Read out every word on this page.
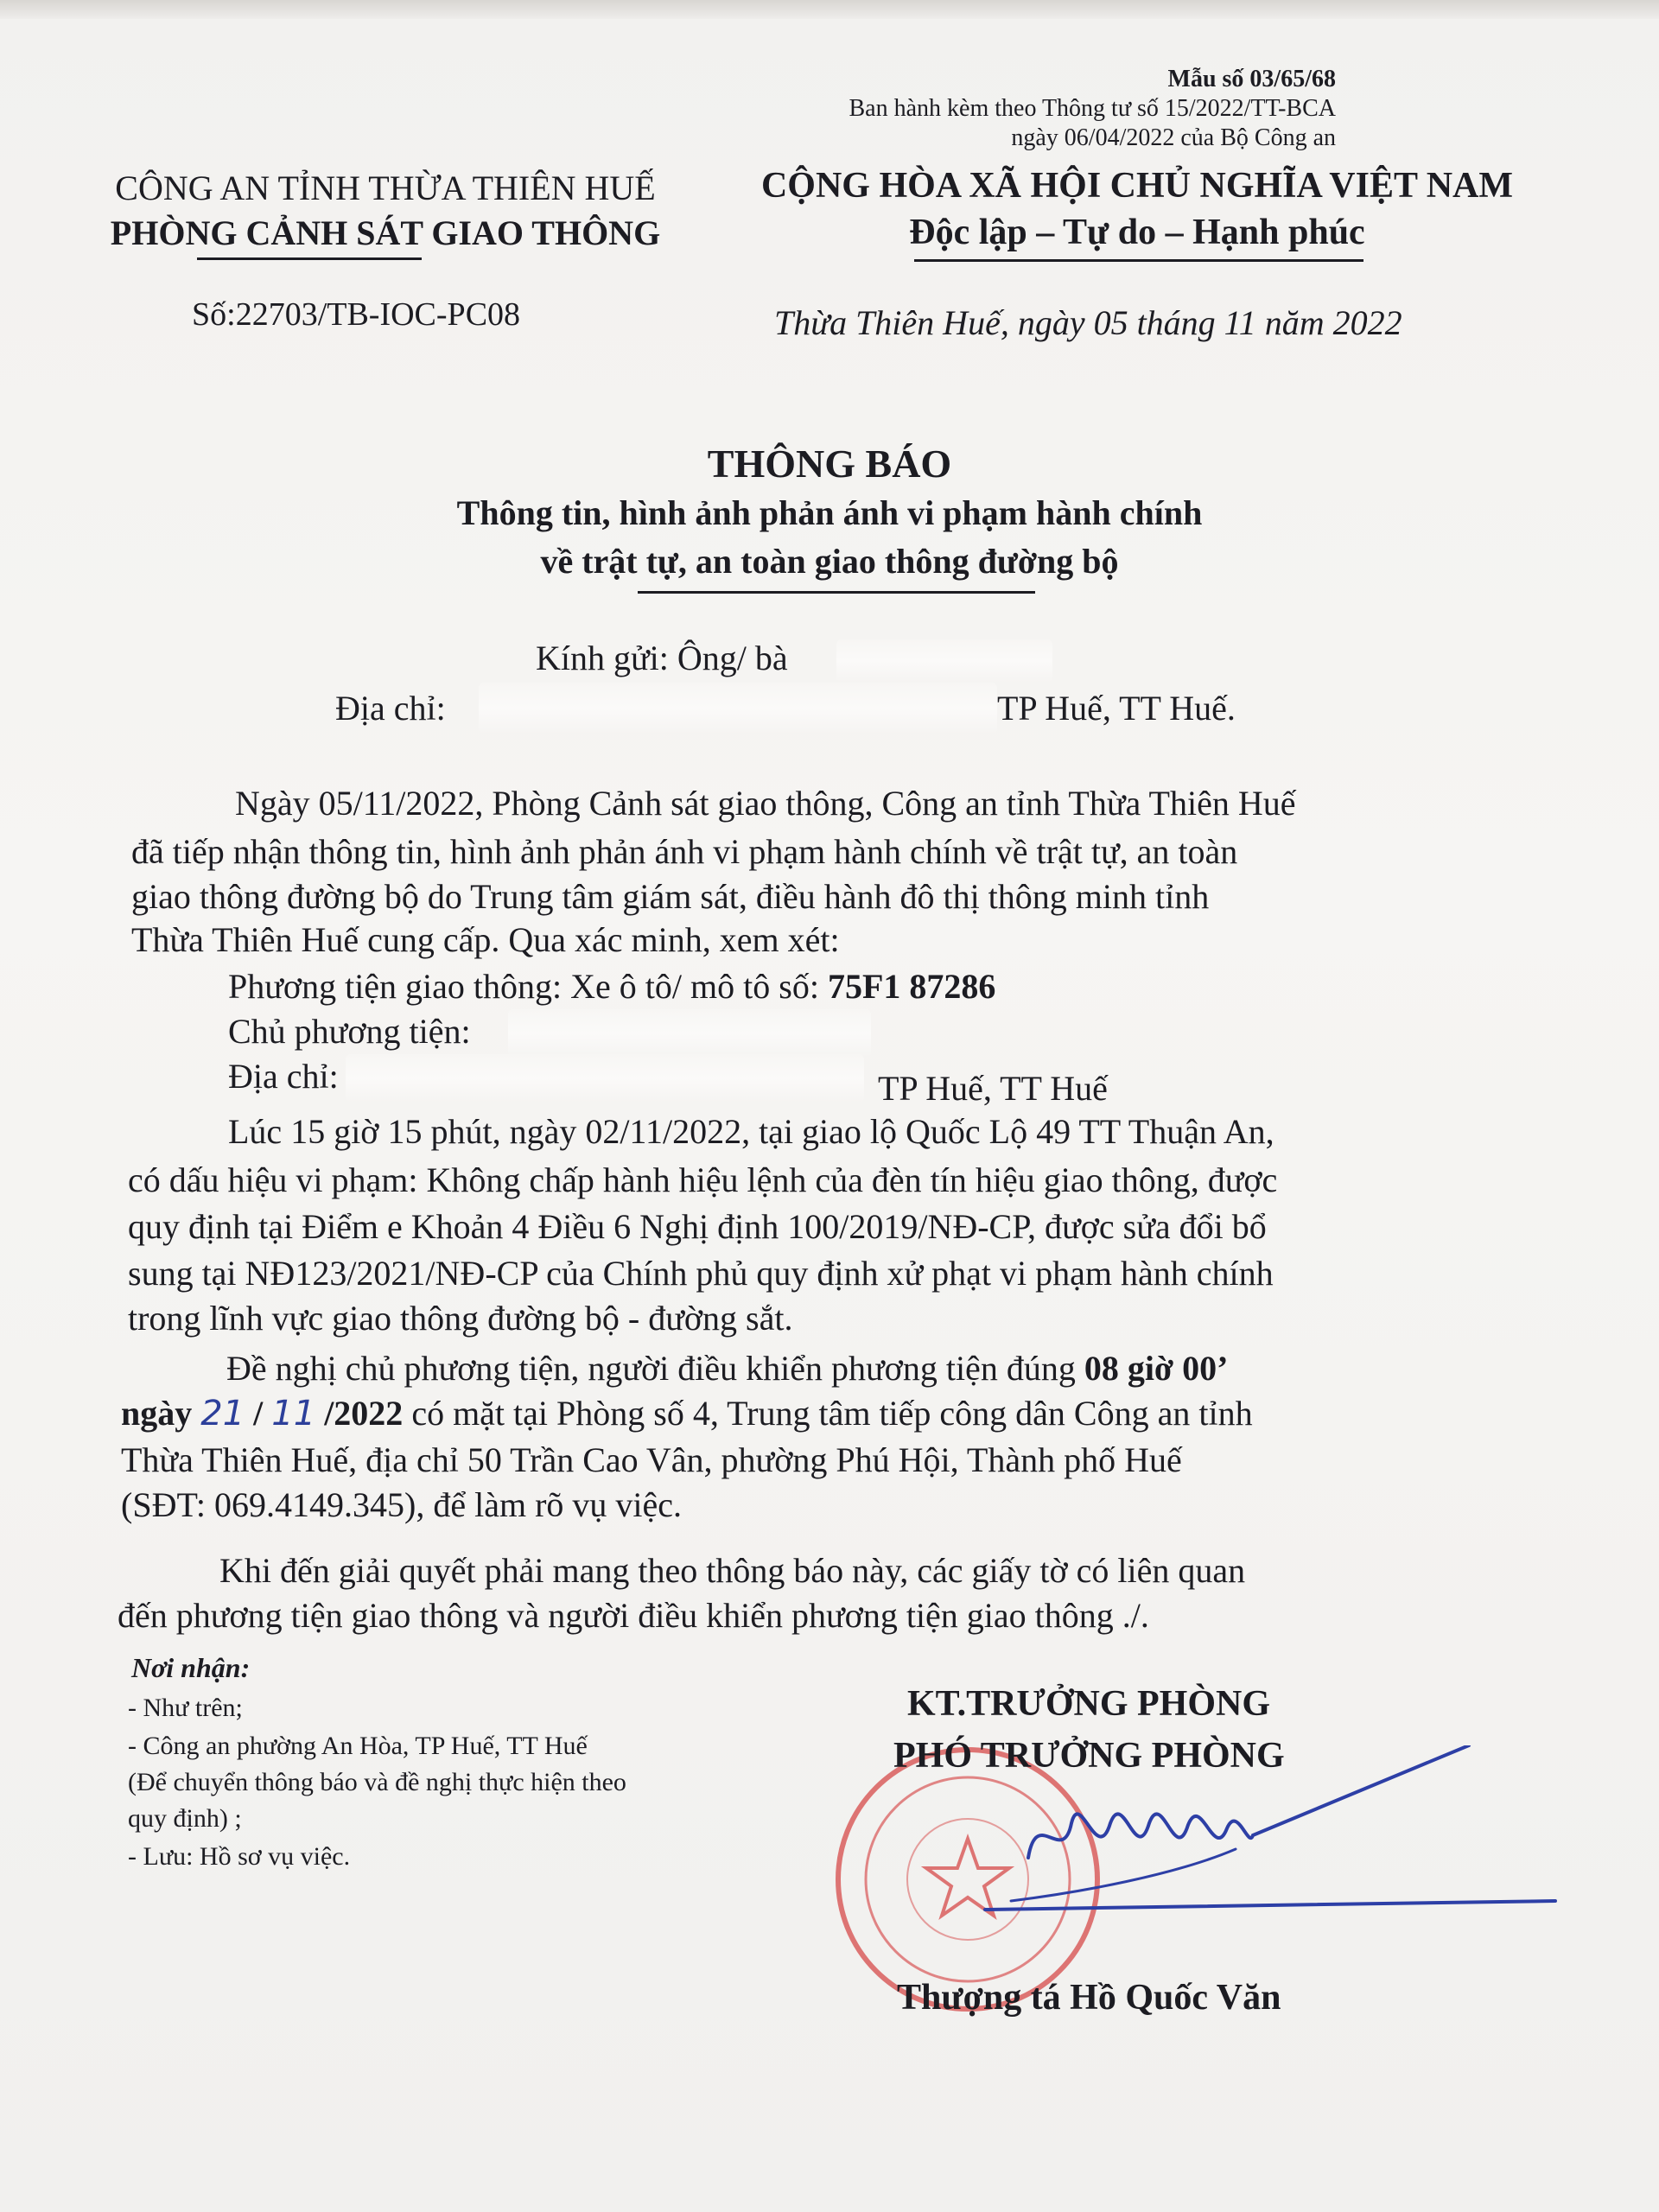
Mẫu số 03/65/68
Ban hành kèm theo Thông tư số 15/2022/TT-BCA
ngày 06/04/2022 của Bộ Công an
CÔNG AN TỈNH THỪA THIÊN HUẾ
PHÒNG CẢNH SÁT GIAO THÔNG
CỘNG HÒA XÃ HỘI CHỦ NGHĨA VIỆT NAM
Độc lập – Tự do – Hạnh phúc
Số:22703/TB-IOC-PC08	Thừa Thiên Huế, ngày 05 tháng 11 năm 2022
THÔNG BÁO
Thông tin, hình ảnh phản ánh vi phạm hành chính
về trật tự, an toàn giao thông đường bộ
Kính gửi: Ông/ bà
Địa chỉ:	TP Huế, TT Huế.
Ngày 05/11/2022, Phòng Cảnh sát giao thông, Công an tỉnh Thừa Thiên Huế
đã tiếp nhận thông tin, hình ảnh phản ánh vi phạm hành chính về trật tự, an toàn
giao thông đường bộ do Trung tâm giám sát, điều hành đô thị thông minh tỉnh
Thừa Thiên Huế cung cấp. Qua xác minh, xem xét:
Phương tiện giao thông: Xe ô tô/ mô tô số: 75F1 87286
Chủ phương tiện:
Địa chỉ:	TP Huế, TT Huế
Lúc 15 giờ 15 phút, ngày 02/11/2022, tại giao lộ Quốc Lộ 49 TT Thuận An,
có dấu hiệu vi phạm: Không chấp hành hiệu lệnh của đèn tín hiệu giao thông, được
quy định tại Điểm e Khoản 4 Điều 6 Nghị định 100/2019/NĐ-CP, được sửa đổi bổ
sung tại NĐ123/2021/NĐ-CP của Chính phủ quy định xử phạt vi phạm hành chính
trong lĩnh vực giao thông đường bộ - đường sắt.
Đề nghị chủ phương tiện, người điều khiển phương tiện đúng 08 giờ 00’
ngày 21 / 11 /2022 có mặt tại Phòng số 4, Trung tâm tiếp công dân Công an tỉnh
Thừa Thiên Huế, địa chỉ 50 Trần Cao Vân, phường Phú Hội, Thành phố Huế
(SĐT: 069.4149.345), để làm rõ vụ việc.
Khi đến giải quyết phải mang theo thông báo này, các giấy tờ có liên quan
đến phương tiện giao thông và người điều khiển phương tiện giao thông ./.
Nơi nhận:
- Như trên;
- Công an phường An Hòa, TP Huế, TT Huế
(Để chuyển thông báo và đề nghị thực hiện theo
quy định) ;
- Lưu: Hồ sơ vụ việc.
KT.TRƯỞNG PHÒNG
PHÓ TRƯỞNG PHÒNG
Thượng tá Hồ Quốc Văn
